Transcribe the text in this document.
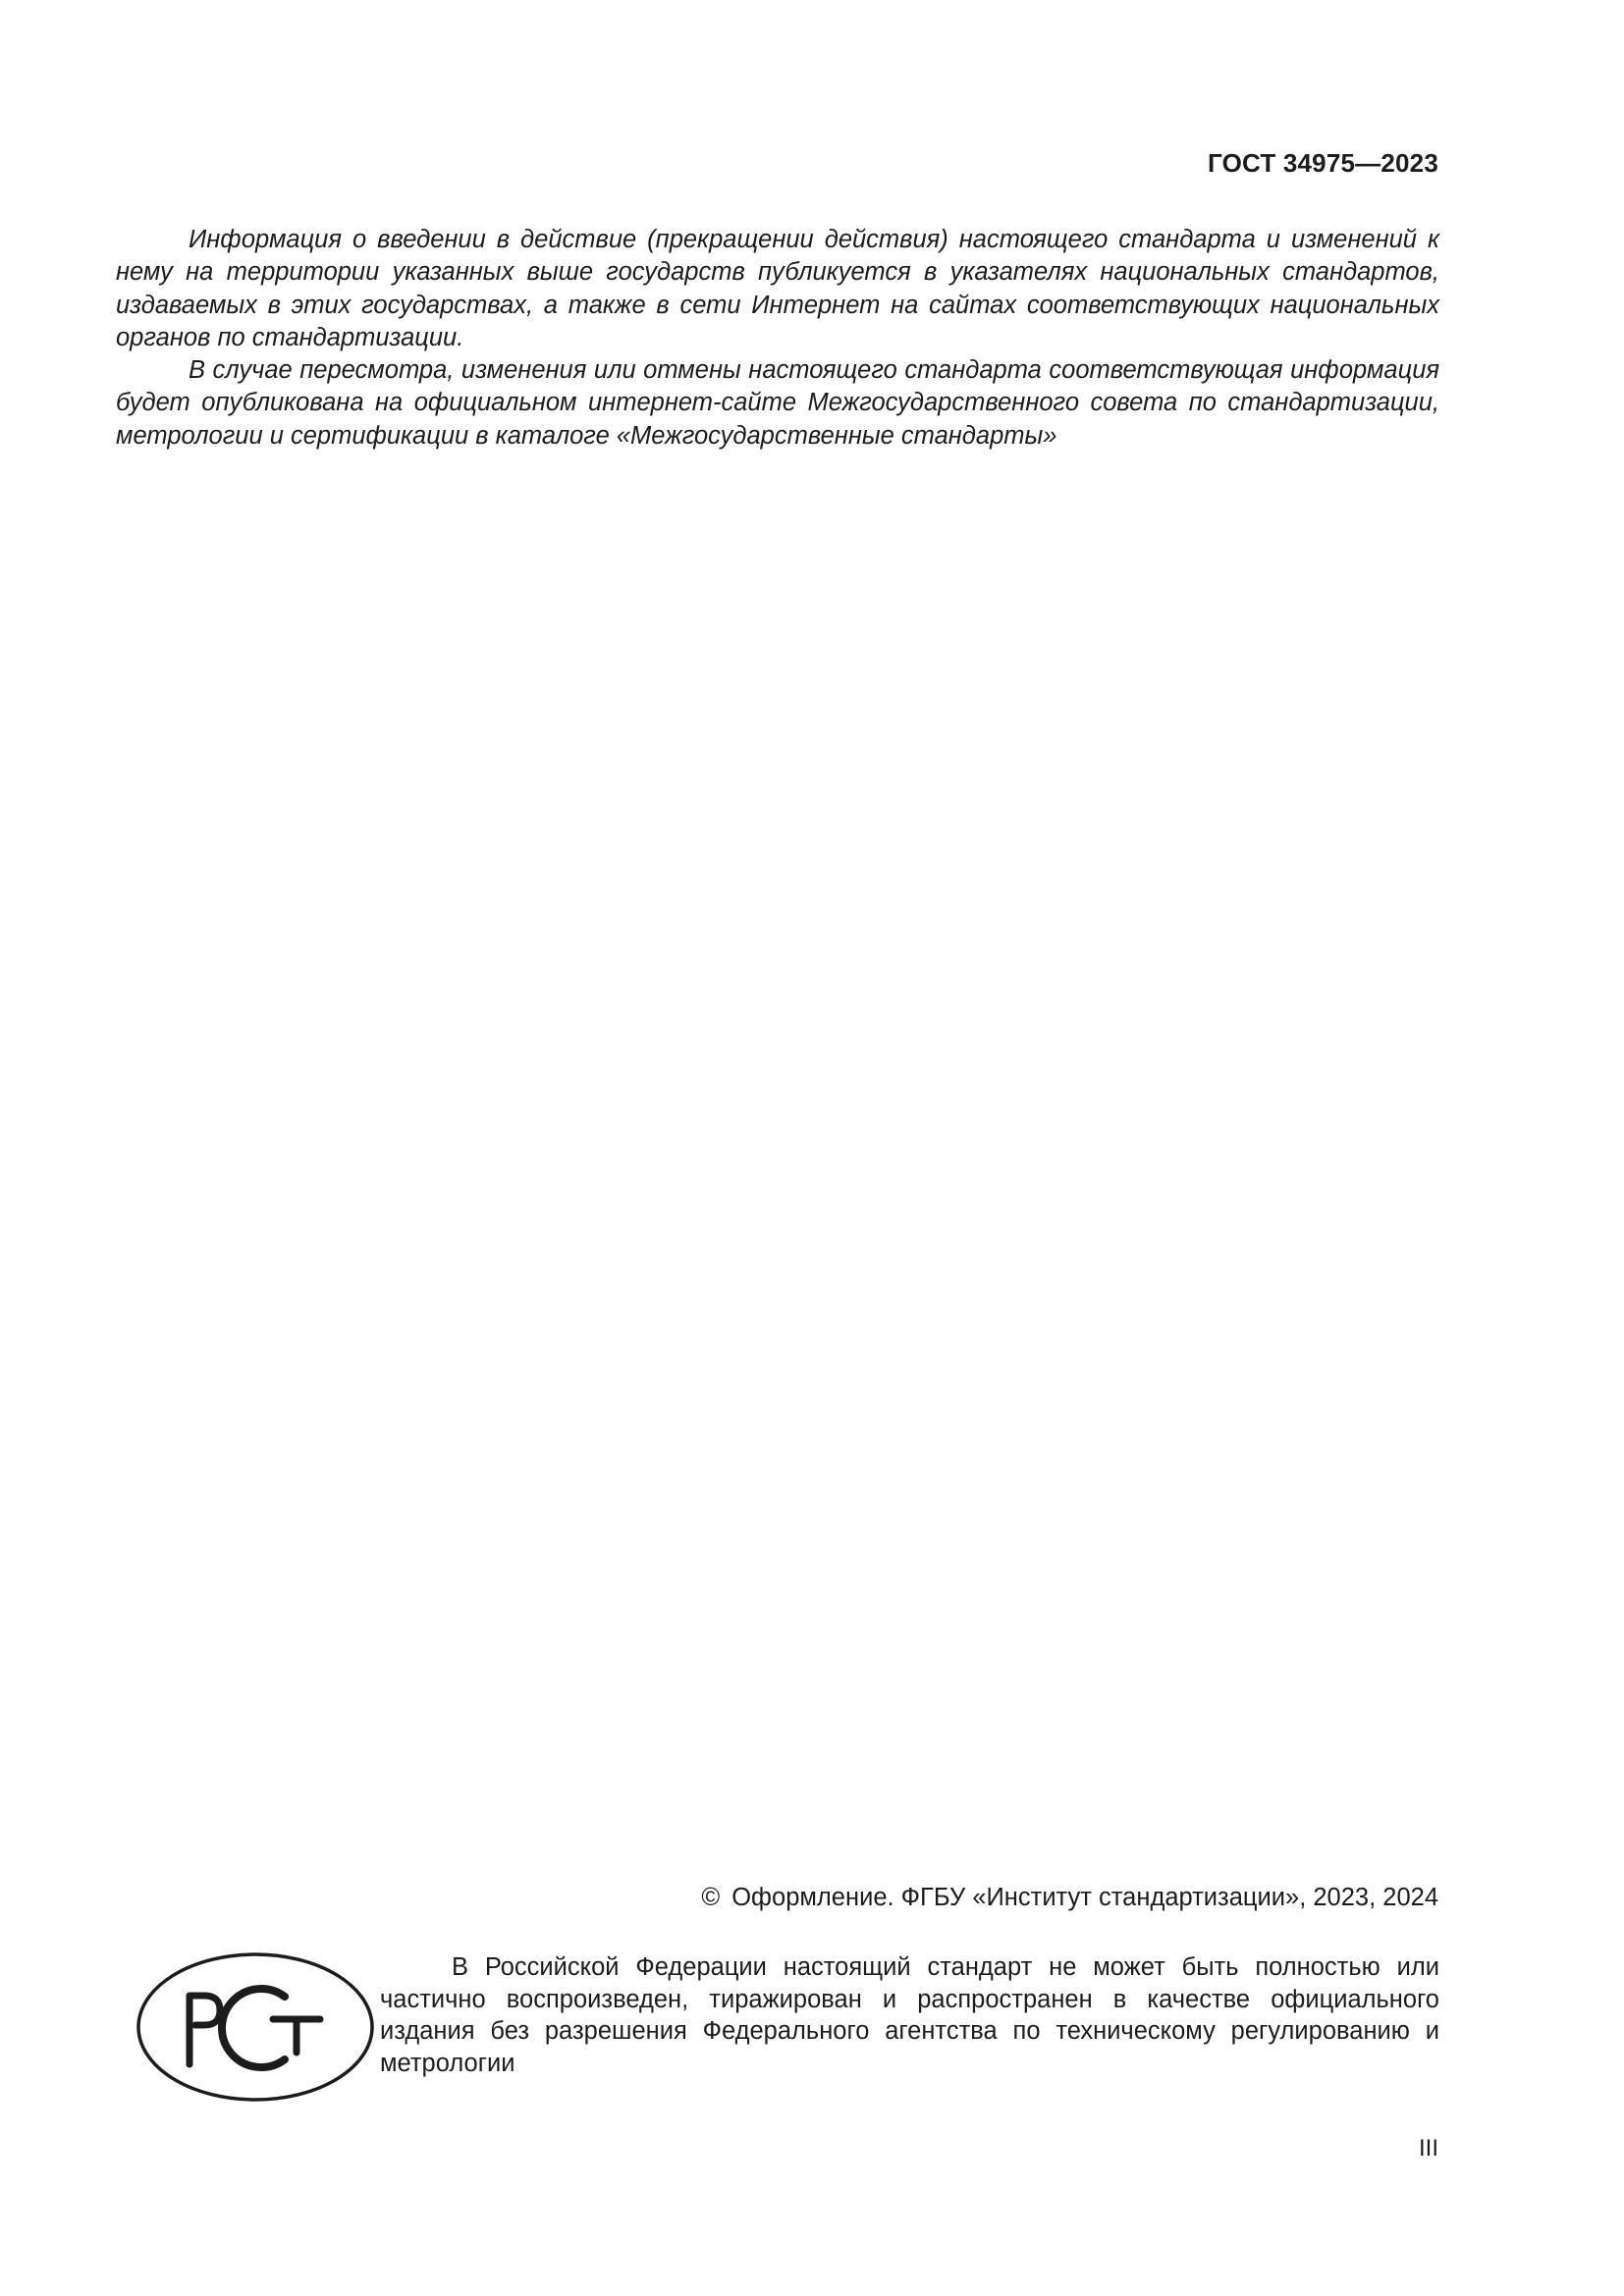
ГОСТ 34975—2023

Информация о введении в действие (прекращении действия) настоящего стандарта и изменений к нему на территории указанных выше государств публикуется в указателях национальных стандартов, издаваемых в этих государствах, а также в сети Интернет на сайтах соответствующих национальных органов по стандартизации.

В случае пересмотра, изменения или отмены настоящего стандарта соответствующая информация будет опубликована на официальном интернет-сайте Межгосударственного совета по стандартизации, метрологии и сертификации в каталоге «Межгосударственные стандарты»

© Оформление. ФГБУ «Институт стандартизации», 2023, 2024

В Российской Федерации настоящий стандарт не может быть полностью или частично воспроизведен, тиражирован и распространен в качестве официального издания без разрешения Федерального агентства по техническому регулированию и метрологии

III
